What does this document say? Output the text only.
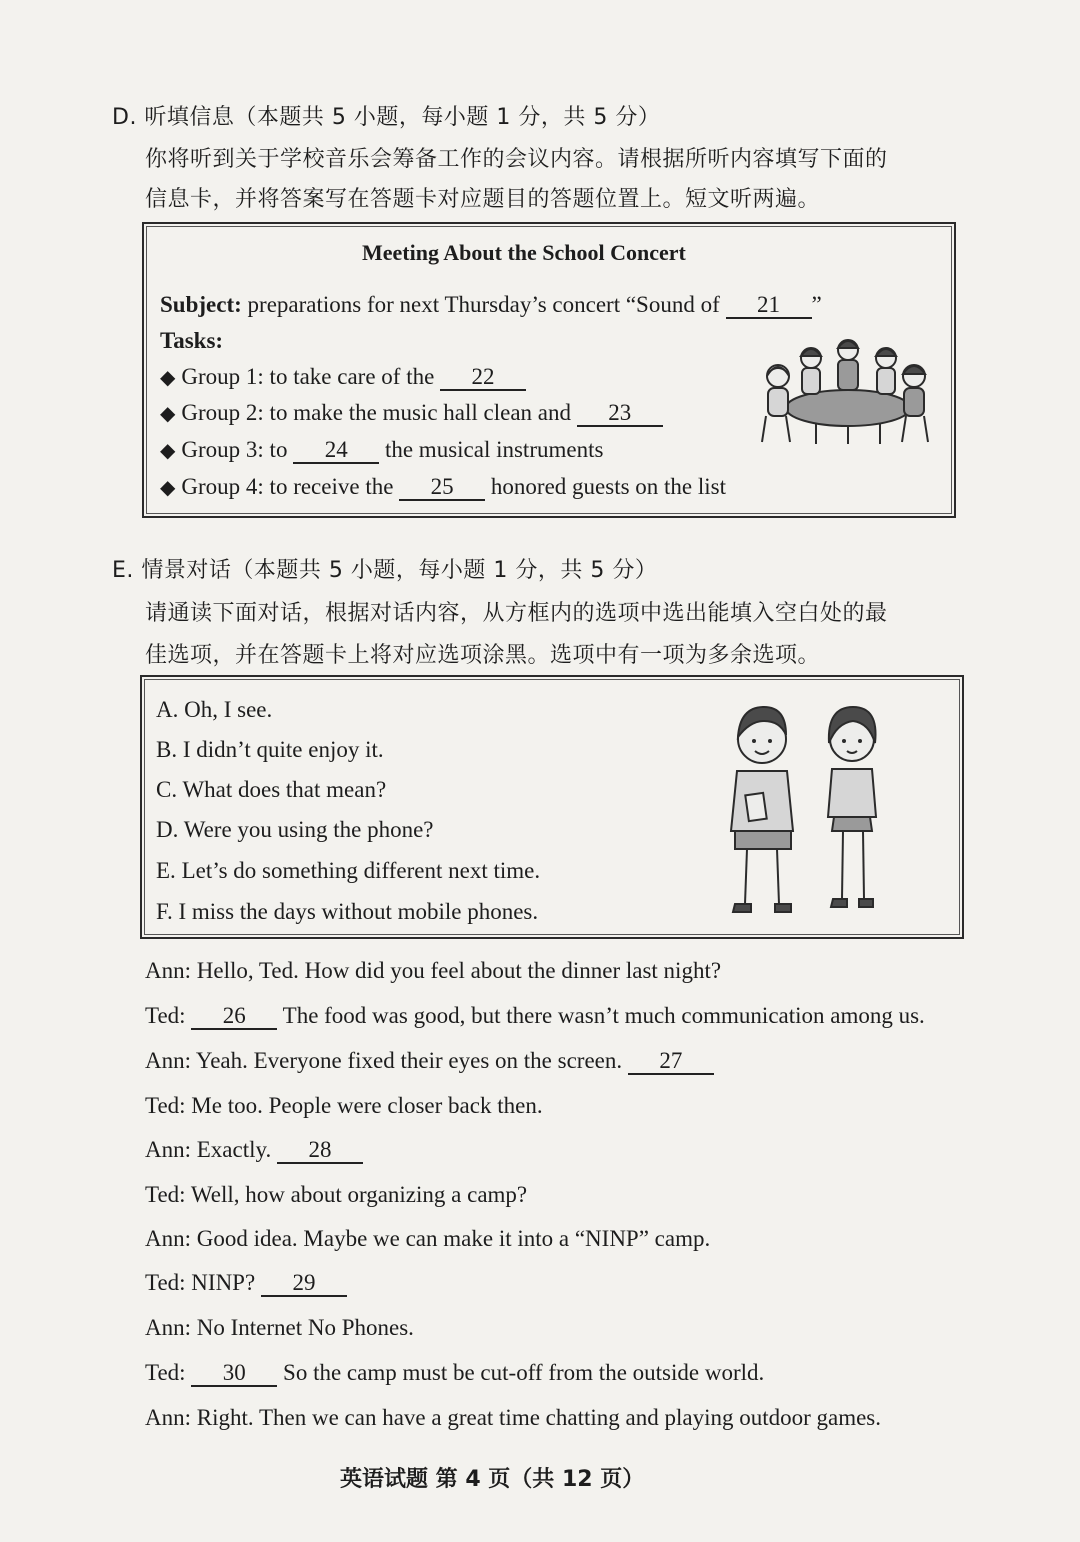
D. 听填信息（本题共 5 小题，每小题 1 分，共 5 分）
你将听到关于学校音乐会筹备工作的会议内容。请根据所听内容填写下面的
信息卡，并将答案写在答题卡对应题目的答题位置上。短文听两遍。
Meeting About the School Concert
Subject: preparations for next Thursday’s concert “Sound of 21 ”
Tasks:
◆ Group 1: to take care of the 22
◆ Group 2: to make the music hall clean and 23
◆ Group 3: to 24 the musical instruments
◆ Group 4: to receive the 25 honored guests on the list
E. 情景对话（本题共 5 小题，每小题 1 分，共 5 分）
请通读下面对话，根据对话内容，从方框内的选项中选出能填入空白处的最
佳选项，并在答题卡上将对应选项涂黑。选项中有一项为多余选项。
A. Oh, I see.
B. I didn’t quite enjoy it.
C. What does that mean?
D. Were you using the phone?
E. Let’s do something different next time.
F. I miss the days without mobile phones.
Ann: Hello, Ted. How did you feel about the dinner last night?
Ted: 26 The food was good, but there wasn’t much communication among us.
Ann: Yeah. Everyone fixed their eyes on the screen. 27
Ted: Me too. People were closer back then.
Ann: Exactly. 28
Ted: Well, how about organizing a camp?
Ann: Good idea. Maybe we can make it into a “NINP” camp.
Ted: NINP? 29
Ann: No Internet No Phones.
Ted: 30 So the camp must be cut-off from the outside world.
Ann: Right. Then we can have a great time chatting and playing outdoor games.
英语试题 第 4 页（共 12 页）
